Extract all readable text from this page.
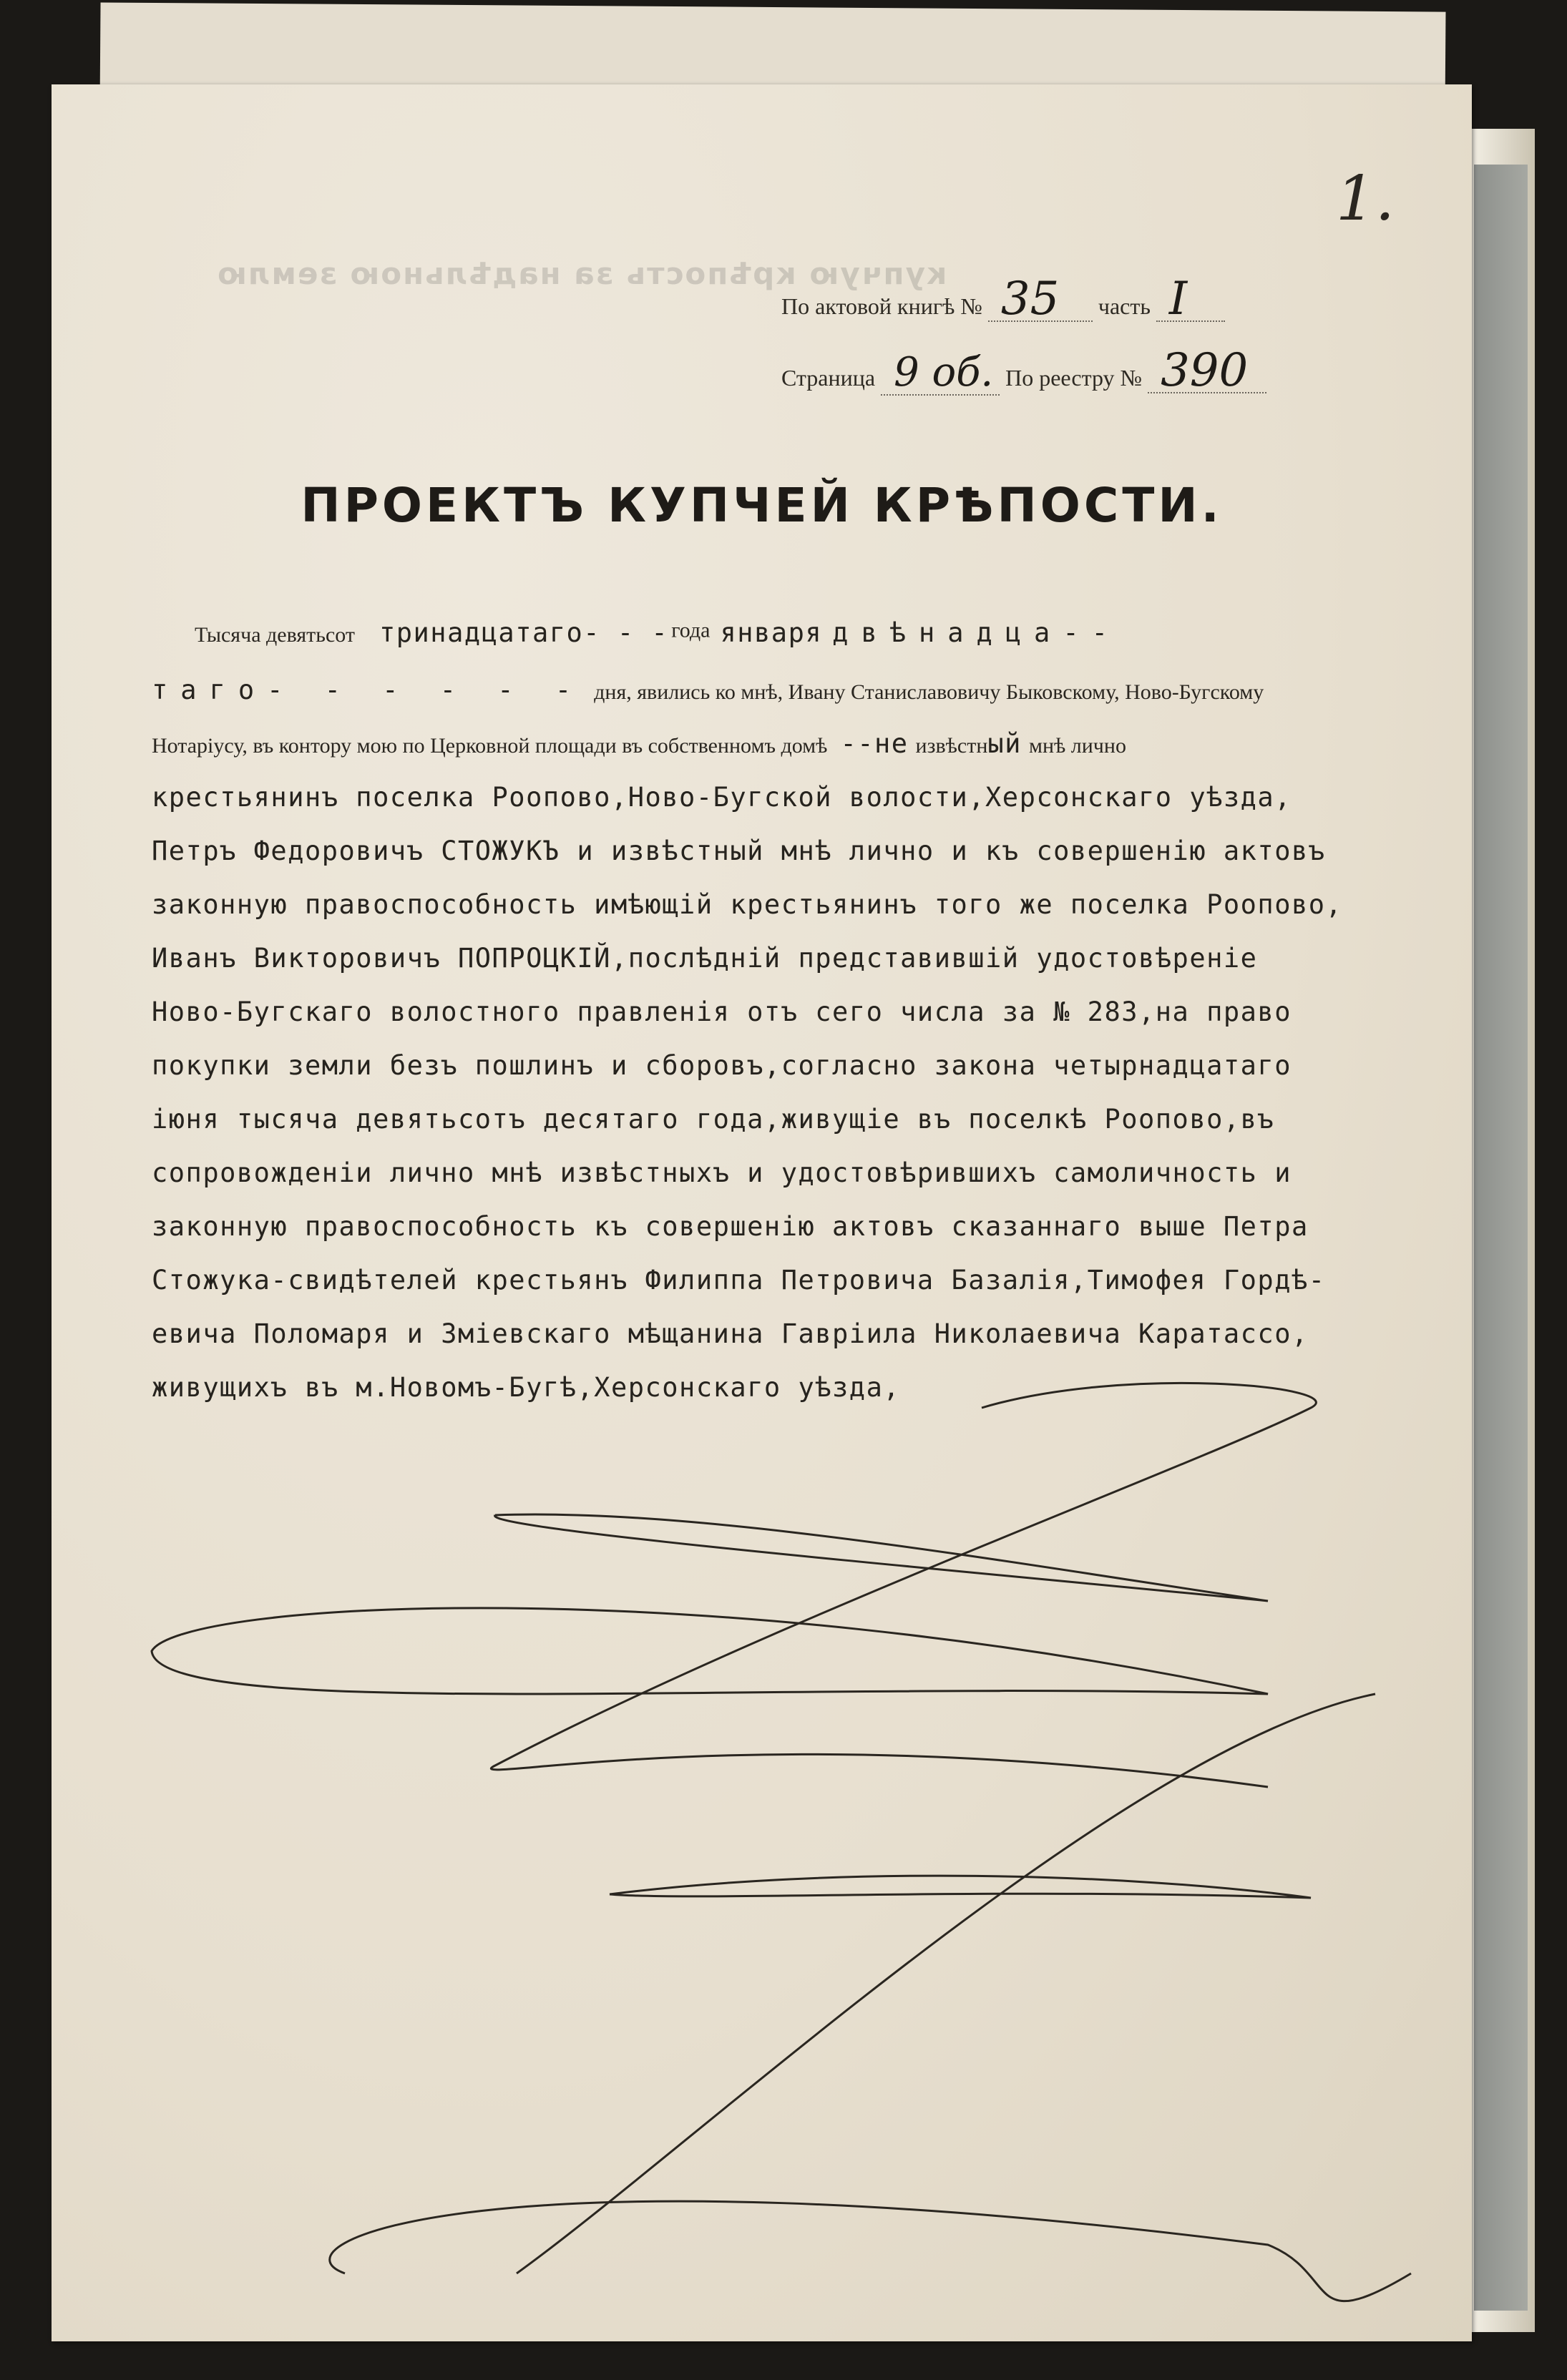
1.
купчую крѣпость за надѣльною землю
По актовой книгѣ № 35 часть I
Страница 9 об. По реестру № 390
ПРОЕКТЪ КУПЧЕЙ КРѢПОСТИ.
Тысяча девятьсот тринадцатаго- - - года января двѣнадца--
таго- - - - - - дня, явились ко мнѣ, Ивану Станиславовичу Быковскому, Ново-Бугскому
Нотаріусу, въ контору мою по Церковной площади въ собственномъ домѣ --не извѣстный мнѣ лично
крестьянинъ поселка Роопово,Ново-Бугской волости,Херсонскаго уѣзда,
Петръ Федоровичъ СТОЖУКЪ и извѣстный мнѣ лично и къ совершенію актовъ
законную правоспособность имѣющій крестьянинъ того же поселка Роопово,
Иванъ Викторовичъ ПОПРОЦКІЙ,послѣдній представившій удостовѣреніе
Ново-Бугскаго волостного правленія отъ сего числа за № 283,на право
покупки земли безъ пошлинъ и сборовъ,согласно закона четырнадцатаго
іюня тысяча девятьсотъ десятаго года,живущіе въ поселкѣ Роопово,въ
сопровожденіи лично мнѣ извѣстныхъ и удостовѣрившихъ самоличность и
законную правоспособность къ совершенію актовъ сказаннаго выше Петра
Стожука-свидѣтелей крестьянъ Филиппа Петровича Базалія,Тимофея Гордѣ-
евича Поломаря и Зміевскаго мѣщанина Гавріила Николаевича Каратассо,
живущихъ въ м.Новомъ-Бугѣ,Херсонскаго уѣзда,
